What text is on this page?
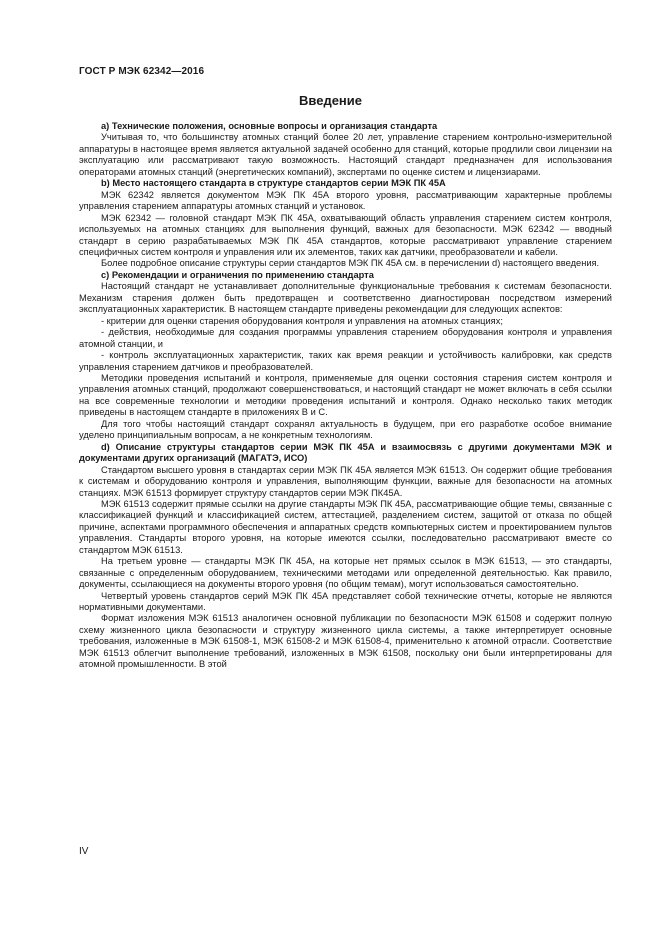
ГОСТ Р МЭК 62342—2016
Введение

a) Технические положения, основные вопросы и организация стандарта

Учитывая то, что большинству атомных станций более 20 лет, управление старением контрольно-измерительной аппаратуры в настоящее время является актуальной задачей особенно для станций, которые продлили свои лицензии на эксплуатацию или рассматривают такую возможность. Настоящий стандарт предназначен для использования операторами атомных станций (энергетических компаний), экспертами по оценке систем и лицензиарами.

b) Место настоящего стандарта в структуре стандартов серии МЭК ПК 45А

МЭК 62342 является документом МЭК ПК 45А второго уровня, рассматривающим характерные проблемы управления старением аппаратуры атомных станций и установок.

МЭК 62342 — головной стандарт МЭК ПК 45А, охватывающий область управления старением систем контроля, используемых на атомных станциях для выполнения функций, важных для безопасности. МЭК 62342 — вводный стандарт в серию разрабатываемых МЭК ПК 45А стандартов, которые рассматривают управление старением специфичных систем контроля и управления или их элементов, таких как датчики, преобразователи и кабели.

Более подробное описание структуры серии стандартов МЭК ПК 45А см. в перечислении d) настоящего введения.

c) Рекомендации и ограничения по применению стандарта

Настоящий стандарт не устанавливает дополнительные функциональные требования к системам безопасности. Механизм старения должен быть предотвращен и соответственно диагностирован посредством измерений эксплуатационных характеристик. В настоящем стандарте приведены рекомендации для следующих аспектов:

- критерии для оценки старения оборудования контроля и управления на атомных станциях;

- действия, необходимые для создания программы управления старением оборудования контроля и управления атомной станции, и

- контроль эксплуатационных характеристик, таких как время реакции и устойчивость калибровки, как средств управления старением датчиков и преобразователей.

Методики проведения испытаний и контроля, применяемые для оценки состояния старения систем контроля и управления атомных станций, продолжают совершенствоваться, и настоящий стандарт не может включать в себя ссылки на все современные технологии и методики проведения испытаний и контроля. Однако несколько таких методик приведены в настоящем стандарте в приложениях В и С.

Для того чтобы настоящий стандарт сохранял актуальность в будущем, при его разработке особое внимание уделено принципиальным вопросам, а не конкретным технологиям.

d) Описание структуры стандартов серии МЭК ПК 45А и взаимосвязь с другими документами МЭК и документами других организаций (МАГАТЭ, ИСО)

Стандартом высшего уровня в стандартах серии МЭК ПК 45А является МЭК 61513. Он содержит общие требования к системам и оборудованию контроля и управления, выполняющим функции, важные для безопасности на атомных станциях. МЭК 61513 формирует структуру стандартов серии МЭК ПК45А.

МЭК 61513 содержит прямые ссылки на другие стандарты МЭК ПК 45А, рассматривающие общие темы, связанные с классификацией функций и классификацией систем, аттестацией, разделением систем, защитой от отказа по общей причине, аспектами программного обеспечения и аппаратных средств компьютерных систем и проектированием пультов управления. Стандарты второго уровня, на которые имеются ссылки, последовательно рассматривают вместе со стандартом МЭК 61513.

На третьем уровне — стандарты МЭК ПК 45А, на которые нет прямых ссылок в МЭК 61513, — это стандарты, связанные с определенным оборудованием, техническими методами или определенной деятельностью. Как правило, документы, ссылающиеся на документы второго уровня (по общим темам), могут использоваться самостоятельно.

Четвертый уровень стандартов серий МЭК ПК 45А представляет собой технические отчеты, которые не являются нормативными документами.

Формат изложения МЭК 61513 аналогичен основной публикации по безопасности МЭК 61508 и содержит полную схему жизненного цикла безопасности и структуру жизненного цикла системы, а также интерпретирует основные требования, изложенные в МЭК 61508-1, МЭК 61508-2 и МЭК 61508-4, применительно к атомной отрасли. Соответствие МЭК 61513 облегчит выполнение требований, изложенных в МЭК 61508, поскольку они были интерпретированы для атомной промышленности. В этой

IV
